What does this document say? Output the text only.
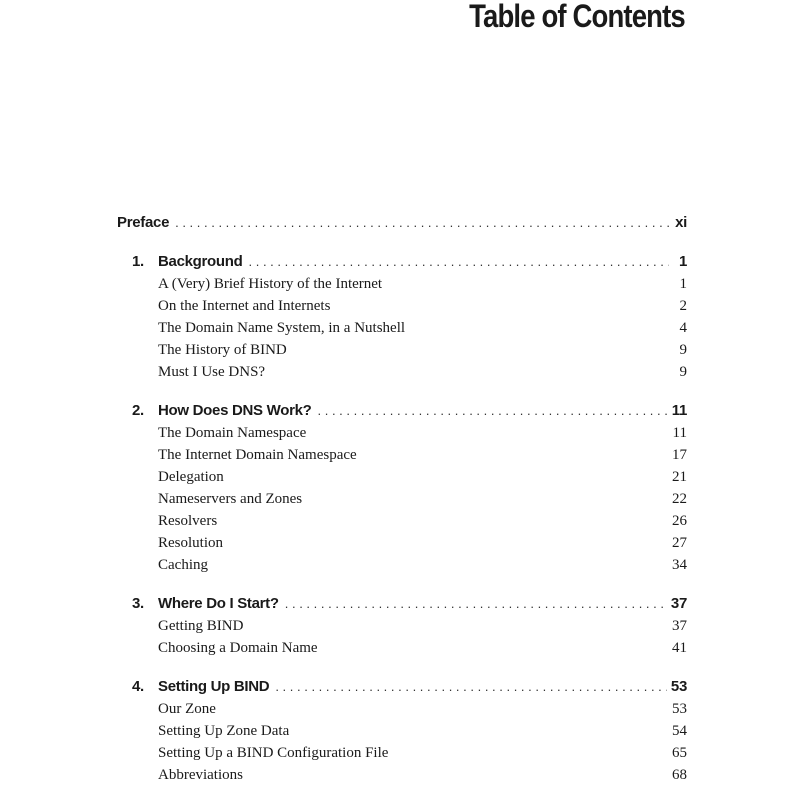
Table of Contents
Preface . . .	xi
1. Background . . .	1
A (Very) Brief History of the Internet	1
On the Internet and Internets	2
The Domain Name System, in a Nutshell	4
The History of BIND	9
Must I Use DNS?	9
2. How Does DNS Work? . . .	11
The Domain Namespace	11
The Internet Domain Namespace	17
Delegation	21
Nameservers and Zones	22
Resolvers	26
Resolution	27
Caching	34
3. Where Do I Start? . . .	37
Getting BIND	37
Choosing a Domain Name	41
4. Setting Up BIND . . .	53
Our Zone	53
Setting Up Zone Data	54
Setting Up a BIND Configuration File	65
Abbreviations	68
